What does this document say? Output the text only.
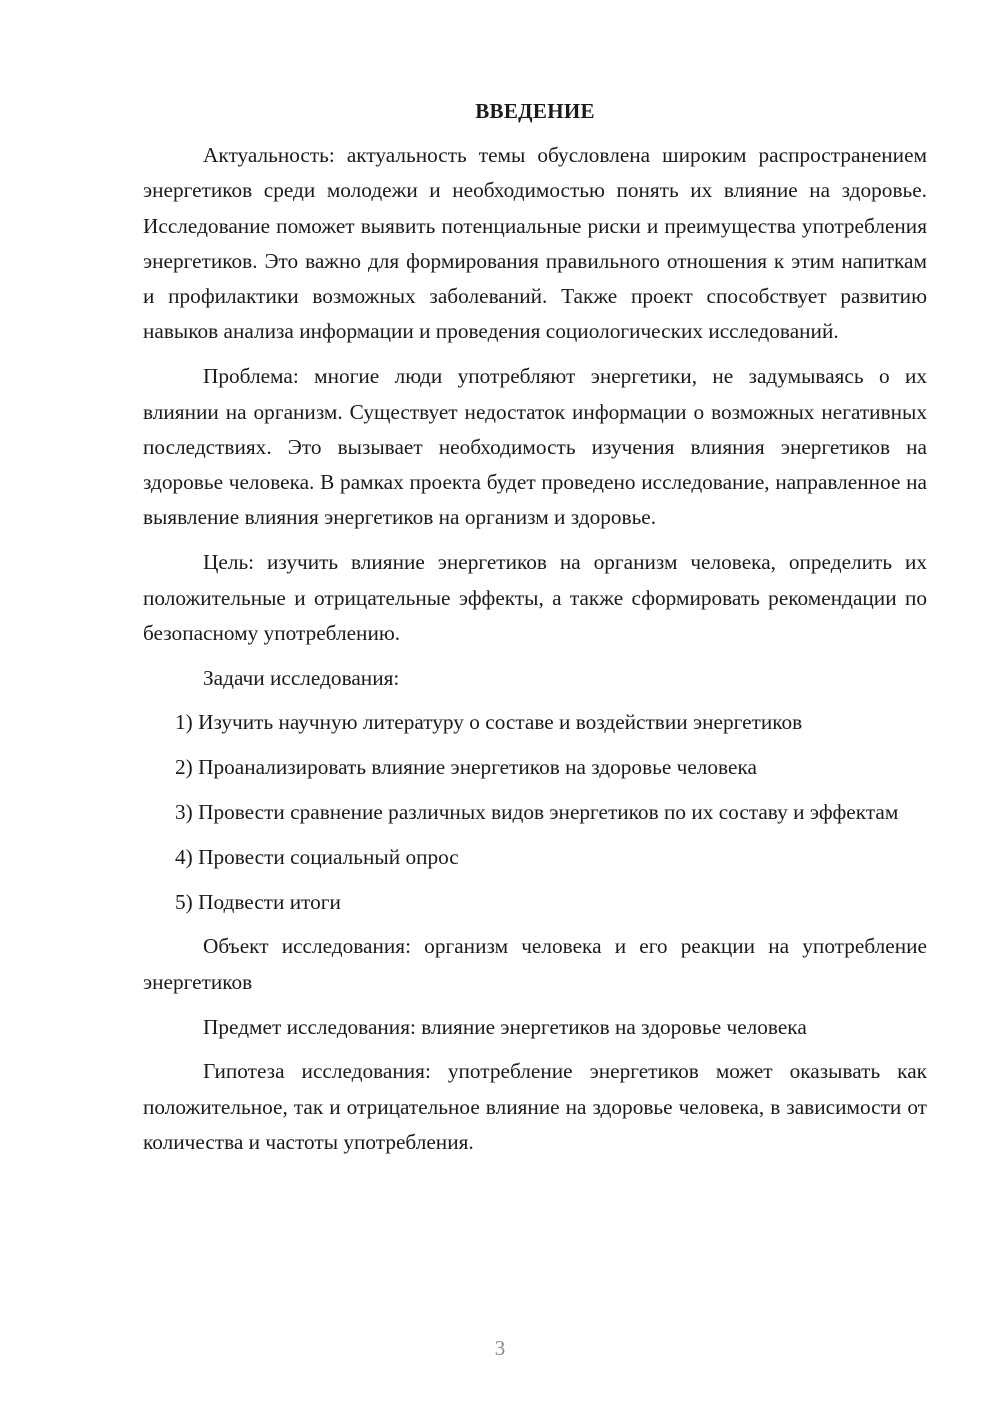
ВВЕДЕНИЕ

Актуальность: актуальность темы обусловлена широким распространением энергетиков среди молодежи и необходимостью понять их влияние на здоровье. Исследование поможет выявить потенциальные риски и преимущества употребления энергетиков. Это важно для формирования правильного отношения к этим напиткам и профилактики возможных заболеваний. Также проект способствует развитию навыков анализа информации и проведения социологических исследований.

Проблема: многие люди употребляют энергетики, не задумываясь о их влиянии на организм. Существует недостаток информации о возможных негативных последствиях. Это вызывает необходимость изучения влияния энергетиков на здоровье человека. В рамках проекта будет проведено исследование, направленное на выявление влияния энергетиков на организм и здоровье.

Цель: изучить влияние энергетиков на организм человека, определить их положительные и отрицательные эффекты, а также сформировать рекомендации по безопасному употреблению.

Задачи исследования:

1) Изучить научную литературу о составе и воздействии энергетиков

2) Проанализировать влияние энергетиков на здоровье человека

3) Провести сравнение различных видов энергетиков по их составу и эффектам

4) Провести социальный опрос

5) Подвести итоги

Объект исследования: организм человека и его реакции на употребление энергетиков

Предмет исследования: влияние энергетиков на здоровье человека

Гипотеза исследования: употребление энергетиков может оказывать как положительное, так и отрицательное влияние на здоровье человека, в зависимости от количества и частоты употребления.

3
